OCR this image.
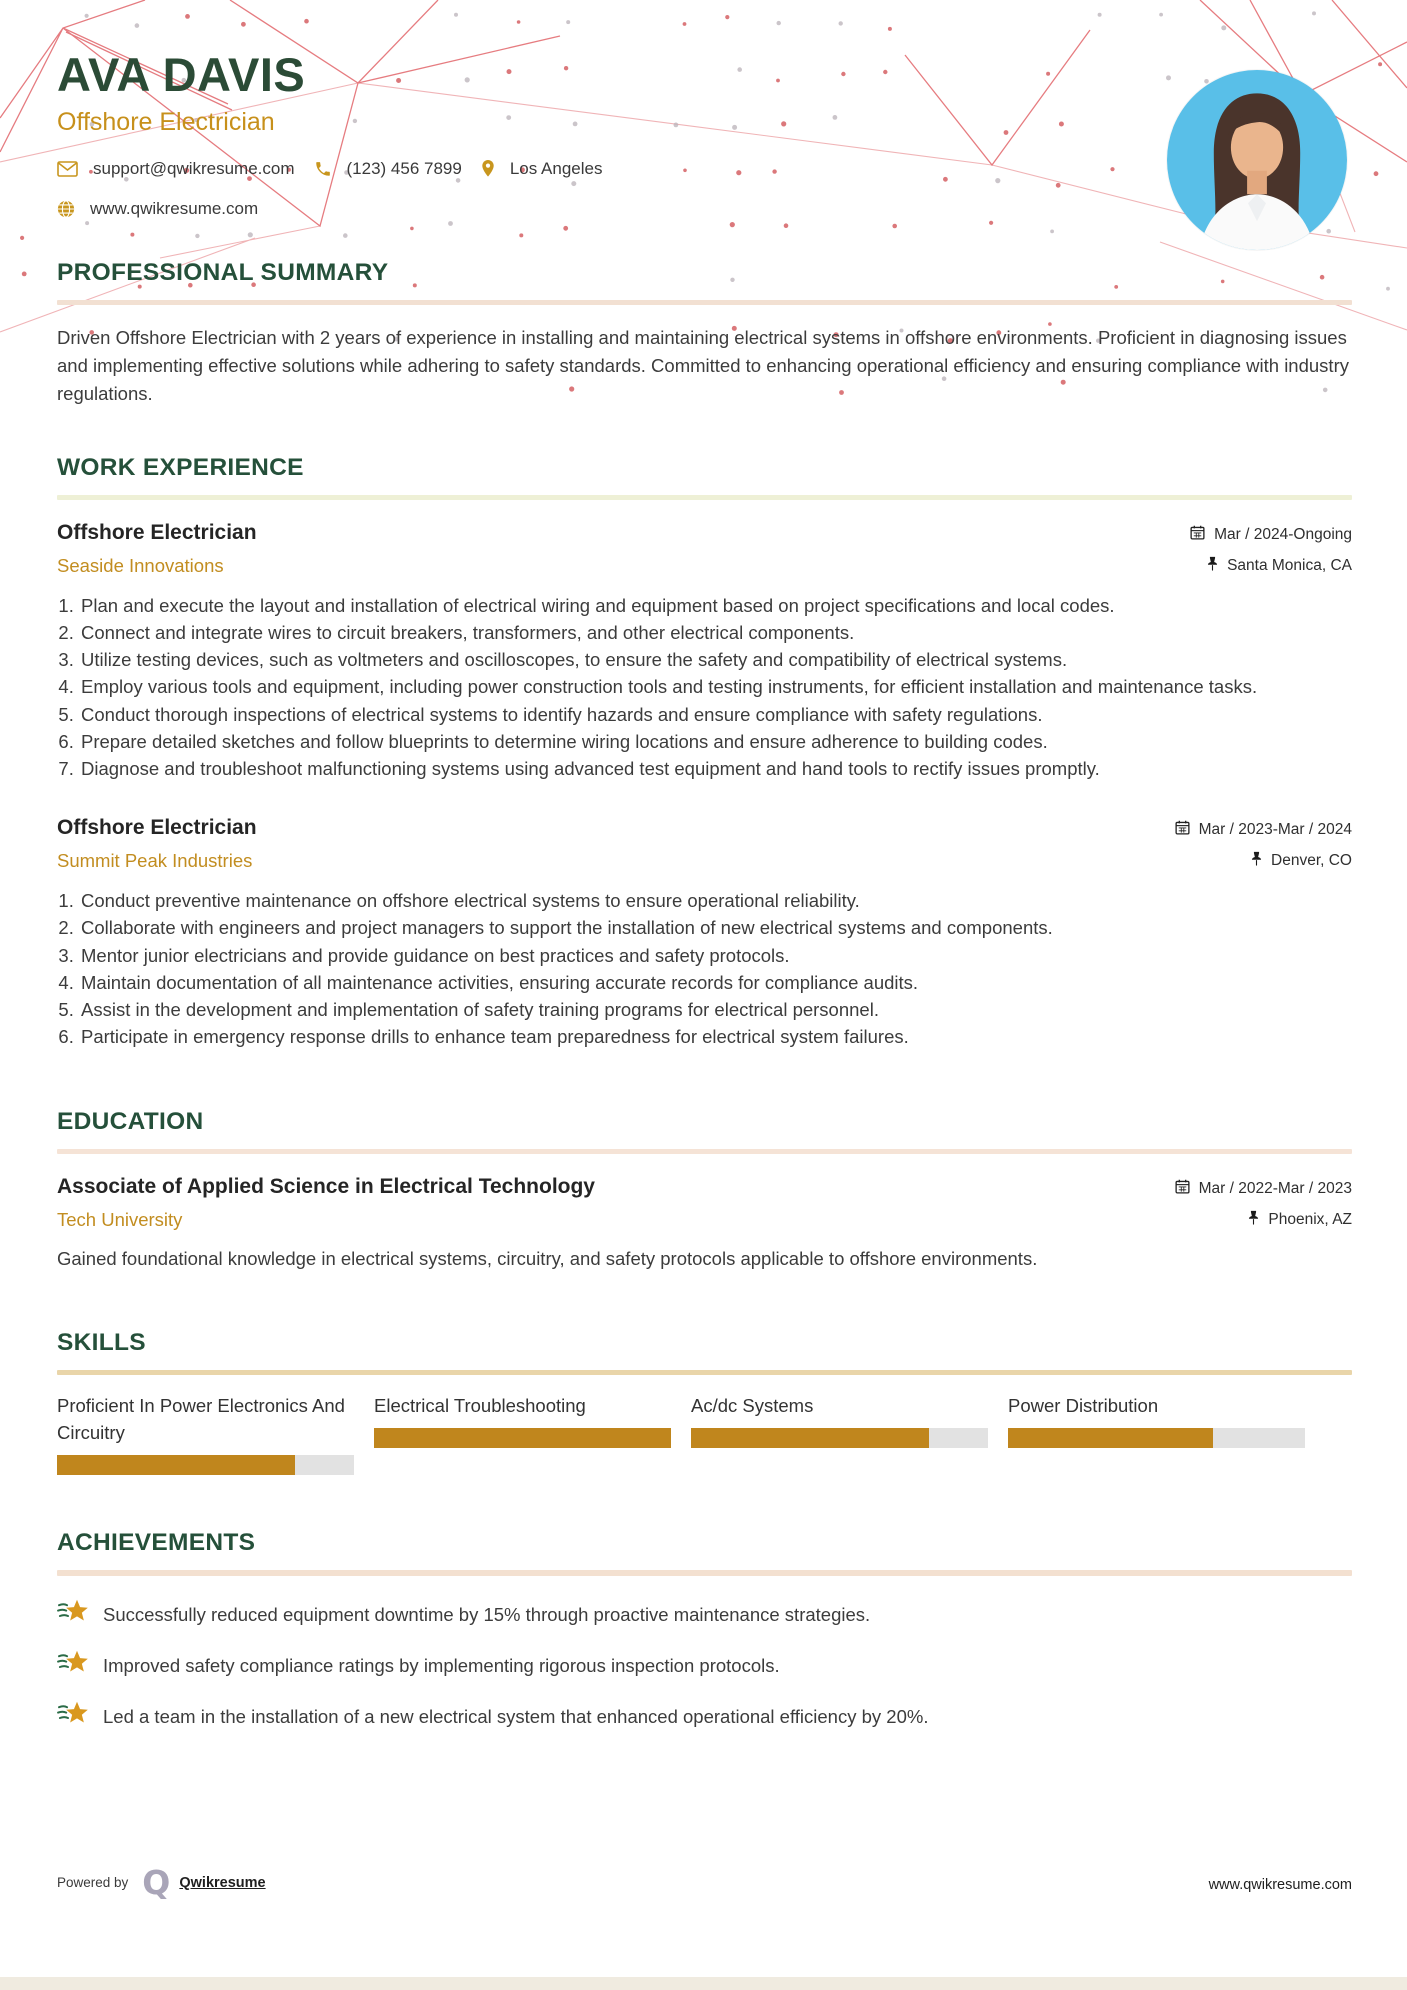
AVA DAVIS
Offshore Electrician
support@qwikresume.com	(123) 456 7899	Los Angeles
www.qwikresume.com
PROFESSIONAL SUMMARY
Driven Offshore Electrician with 2 years of experience in installing and maintaining electrical systems in offshore environments. Proficient in diagnosing issues and implementing effective solutions while adhering to safety standards. Committed to enhancing operational efficiency and ensuring compliance with industry regulations.
WORK EXPERIENCE
Offshore Electrician
Seaside Innovations
Mar / 2024-Ongoing
Santa Monica, CA
1. Plan and execute the layout and installation of electrical wiring and equipment based on project specifications and local codes.
2. Connect and integrate wires to circuit breakers, transformers, and other electrical components.
3. Utilize testing devices, such as voltmeters and oscilloscopes, to ensure the safety and compatibility of electrical systems.
4. Employ various tools and equipment, including power construction tools and testing instruments, for efficient installation and maintenance tasks.
5. Conduct thorough inspections of electrical systems to identify hazards and ensure compliance with safety regulations.
6. Prepare detailed sketches and follow blueprints to determine wiring locations and ensure adherence to building codes.
7. Diagnose and troubleshoot malfunctioning systems using advanced test equipment and hand tools to rectify issues promptly.
Offshore Electrician
Summit Peak Industries
Mar / 2023-Mar / 2024
Denver, CO
1. Conduct preventive maintenance on offshore electrical systems to ensure operational reliability.
2. Collaborate with engineers and project managers to support the installation of new electrical systems and components.
3. Mentor junior electricians and provide guidance on best practices and safety protocols.
4. Maintain documentation of all maintenance activities, ensuring accurate records for compliance audits.
5. Assist in the development and implementation of safety training programs for electrical personnel.
6. Participate in emergency response drills to enhance team preparedness for electrical system failures.
EDUCATION
Associate of Applied Science in Electrical Technology
Tech University
Mar / 2022-Mar / 2023
Phoenix, AZ
Gained foundational knowledge in electrical systems, circuitry, and safety protocols applicable to offshore environments.
SKILLS
Proficient In Power Electronics And Circuitry
Electrical Troubleshooting	Ac/dc Systems	Power Distribution
ACHIEVEMENTS
Successfully reduced equipment downtime by 15% through proactive maintenance strategies.
Improved safety compliance ratings by implementing rigorous inspection protocols.
Led a team in the installation of a new electrical system that enhanced operational efficiency by 20%.
Powered by Q Qwikresume	www.qwikresume.com
